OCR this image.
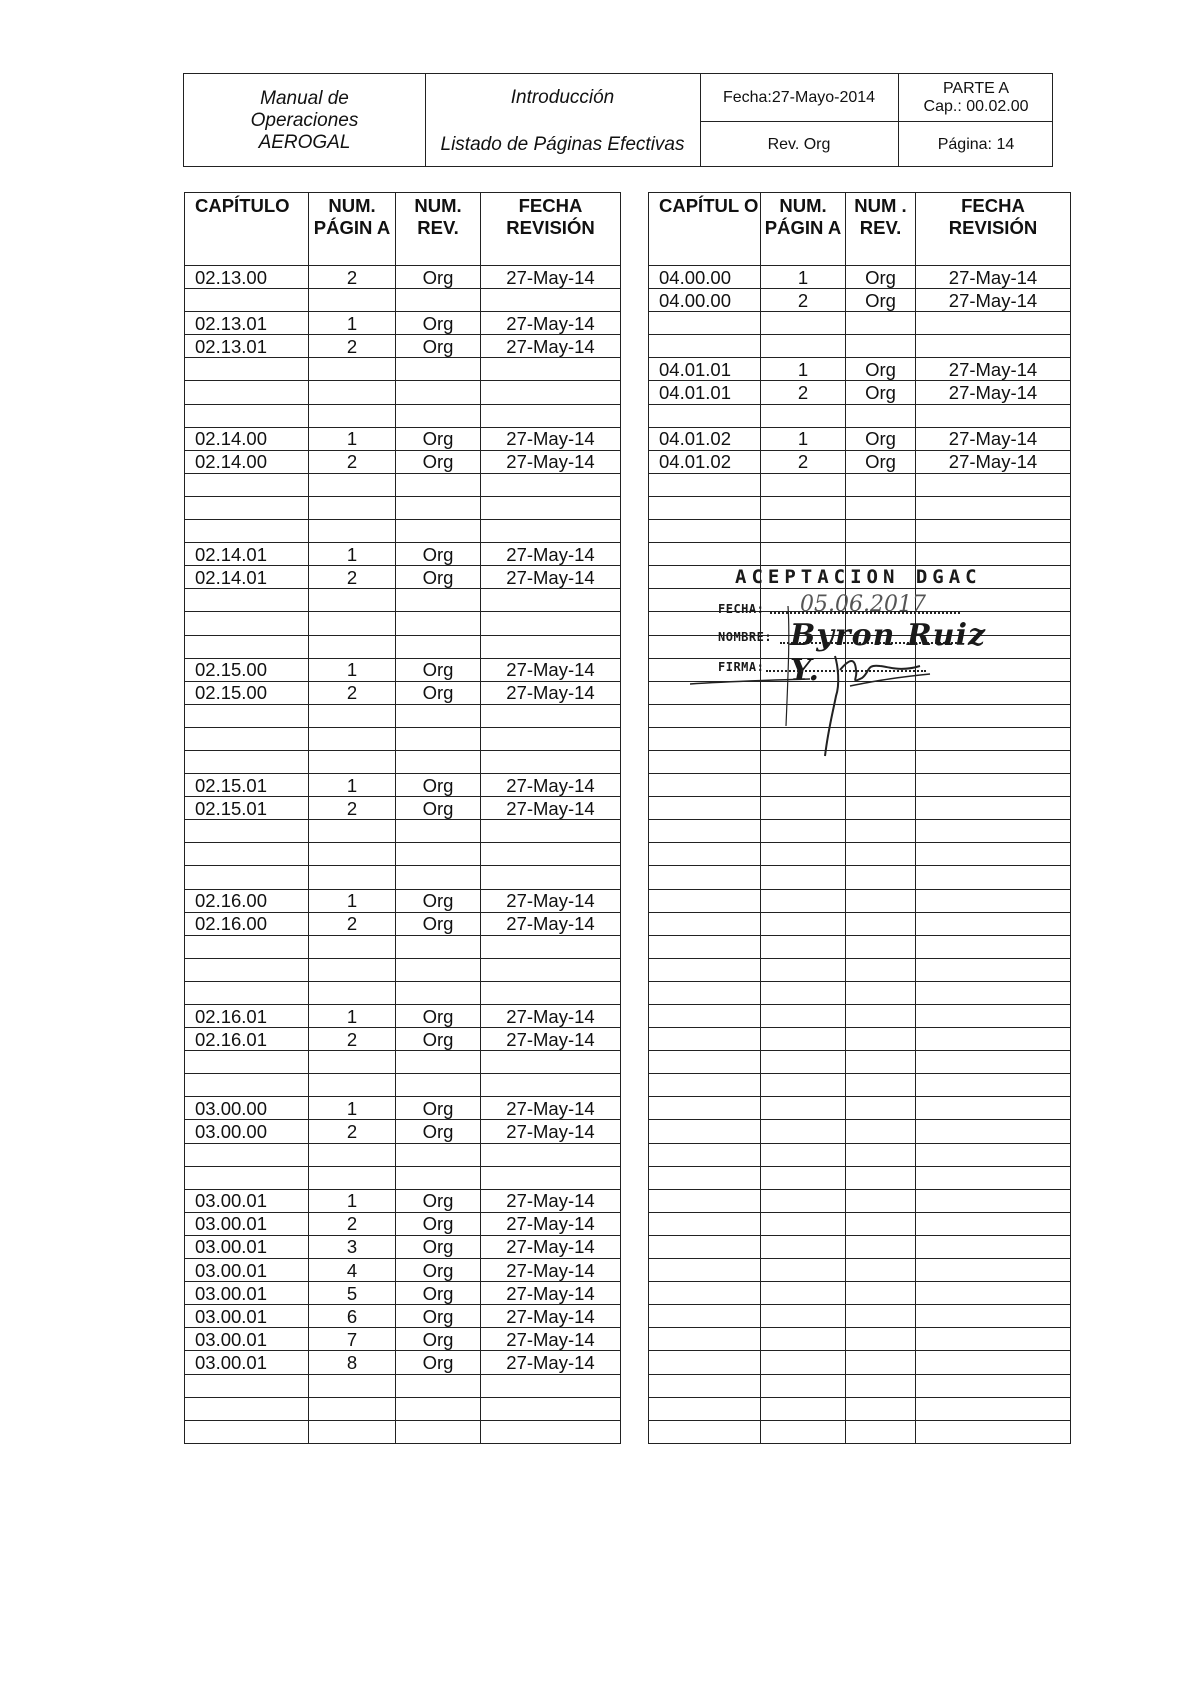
Manual de
Operaciones
AEROGAL
Introducción
Listado de Páginas Efectivas
Fecha:27-Mayo-2014
Rev. Org
PARTE A
Cap.: 00.02.00
Página: 14
CAPÍTULO	NUM. PÁGIN A	NUM. REV.	FECHA REVISIÓN
02.13.00	2	Org	27-May-14

02.13.01	1	Org	27-May-14
02.13.01	2	Org	27-May-14

02.14.00	1	Org	27-May-14
02.14.00	2	Org	27-May-14

02.14.01	1	Org	27-May-14
02.14.01	2	Org	27-May-14

02.15.00	1	Org	27-May-14
02.15.00	2	Org	27-May-14

02.15.01	1	Org	27-May-14
02.15.01	2	Org	27-May-14

02.16.00	1	Org	27-May-14
02.16.00	2	Org	27-May-14

02.16.01	1	Org	27-May-14
02.16.01	2	Org	27-May-14

03.00.00	1	Org	27-May-14
03.00.00	2	Org	27-May-14

03.00.01	1	Org	27-May-14
03.00.01	2	Org	27-May-14
03.00.01	3	Org	27-May-14
03.00.01	4	Org	27-May-14
03.00.01	5	Org	27-May-14
03.00.01	6	Org	27-May-14
03.00.01	7	Org	27-May-14
03.00.01	8	Org	27-May-14

CAPÍTUL O	NUM. PÁGIN A	NUM . REV.	FECHA REVISIÓN
04.00.00	1	Org	27-May-14
04.00.00	2	Org	27-May-14

04.01.01	1	Org	27-May-14
04.01.01	2	Org	27-May-14

04.01.02	1	Org	27-May-14
04.01.02	2	Org	27-May-14

ACEPTACION DGAC
FECHA: 05.06.2017
NOMBRE: Byron Ruiz Y.
FIRMA:
